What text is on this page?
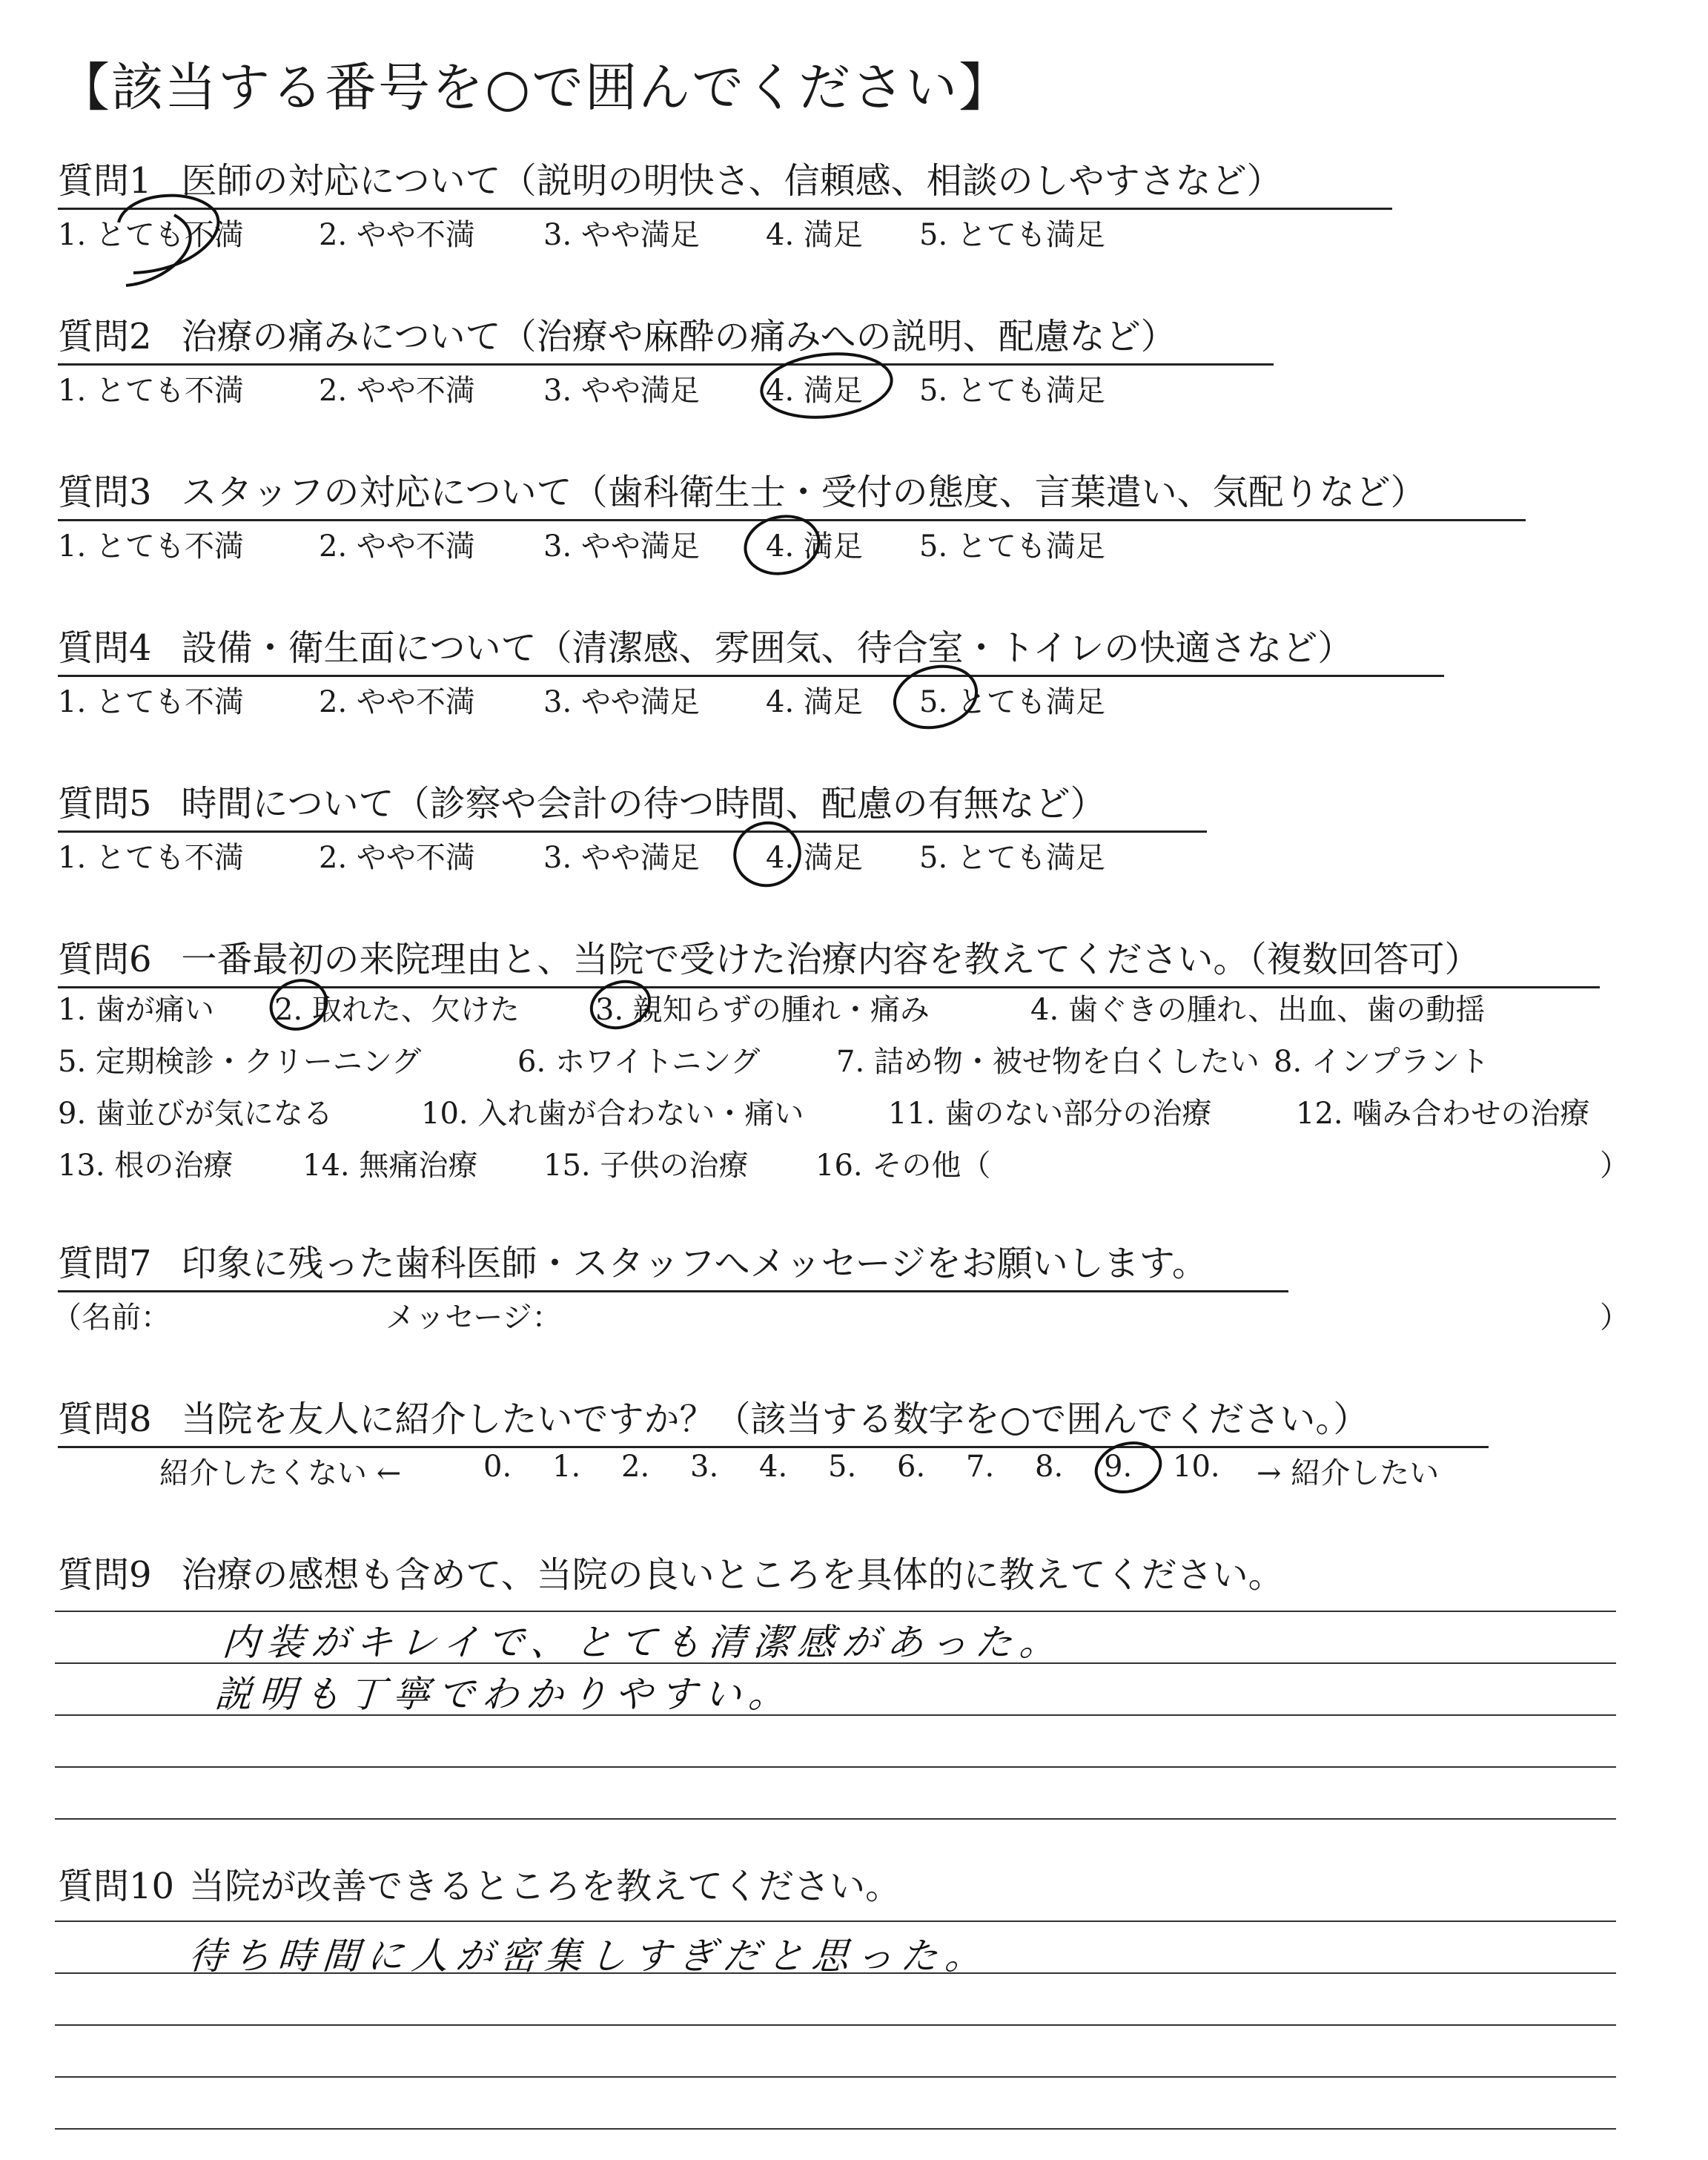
【該当する番号を○で囲んでください】
質問1 医師の対応について（説明の明快さ、信頼感、相談のしやすさなど）
1. とても不満	2. やや不満 3. やや満足 4. 満足 5. とても満足
質問2 治療の痛みについて（治療や麻酔の痛みへの説明、配慮など）
1. とても不満	2. やや不満 3. やや満足 4. 満足 5. とても満足
質問3 スタッフの対応について（歯科衛生士・受付の態度、言葉遣い、気配りなど）
1. とても不満	2. やや不満 3. やや満足 4. 満足 5. とても満足
質問4 設備・衛生面について（清潔感、雰囲気、待合室・トイレの快適さなど）
1. とても不満	2. やや不満 3. やや満足 4. 満足 5. とても満足
質問5 時間について（診察や会計の待つ時間、配慮の有無など）
1. とても不満	2. やや不満 3. やや満足 4. 満足 5. とても満足
質問6 一番最初の来院理由と、当院で受けた治療内容を教えてください。（複数回答可）
1. 歯が痛い 2. 取れた、欠けた	3. 親知らずの腫れ・痛み	4. 歯ぐきの腫れ、出血、歯の動揺
5. 定期検診・クリーニング	6. ホワイトニング	7. 詰め物・被せ物を白くしたい 8. インプラント
9. 歯並びが気になる	10. 入れ歯が合わない・痛い	11. 歯のない部分の治療	12. 噛み合わせの治療
13. 根の治療 14. 無痛治療 15. 子供の治療 16. その他（	）
質問7 印象に残った歯科医師・スタッフへメッセージをお願いします。
（名前：	メッセージ：	）
質問8 当院を友人に紹介したいですか？（該当する数字を○で囲んでください。）
紹介したくない ←	0. 1. 2. 3. 4. 5. 6. 7. 8. 9. 10. → 紹介したい
質問9 治療の感想も含めて、当院の良いところを具体的に教えてください。
内装がキレイで、とても清潔感があった。
説明も丁寧でわかりやすい。
質問10 当院が改善できるところを教えてください。
待ち時間に人が密集しすぎだと思った。
